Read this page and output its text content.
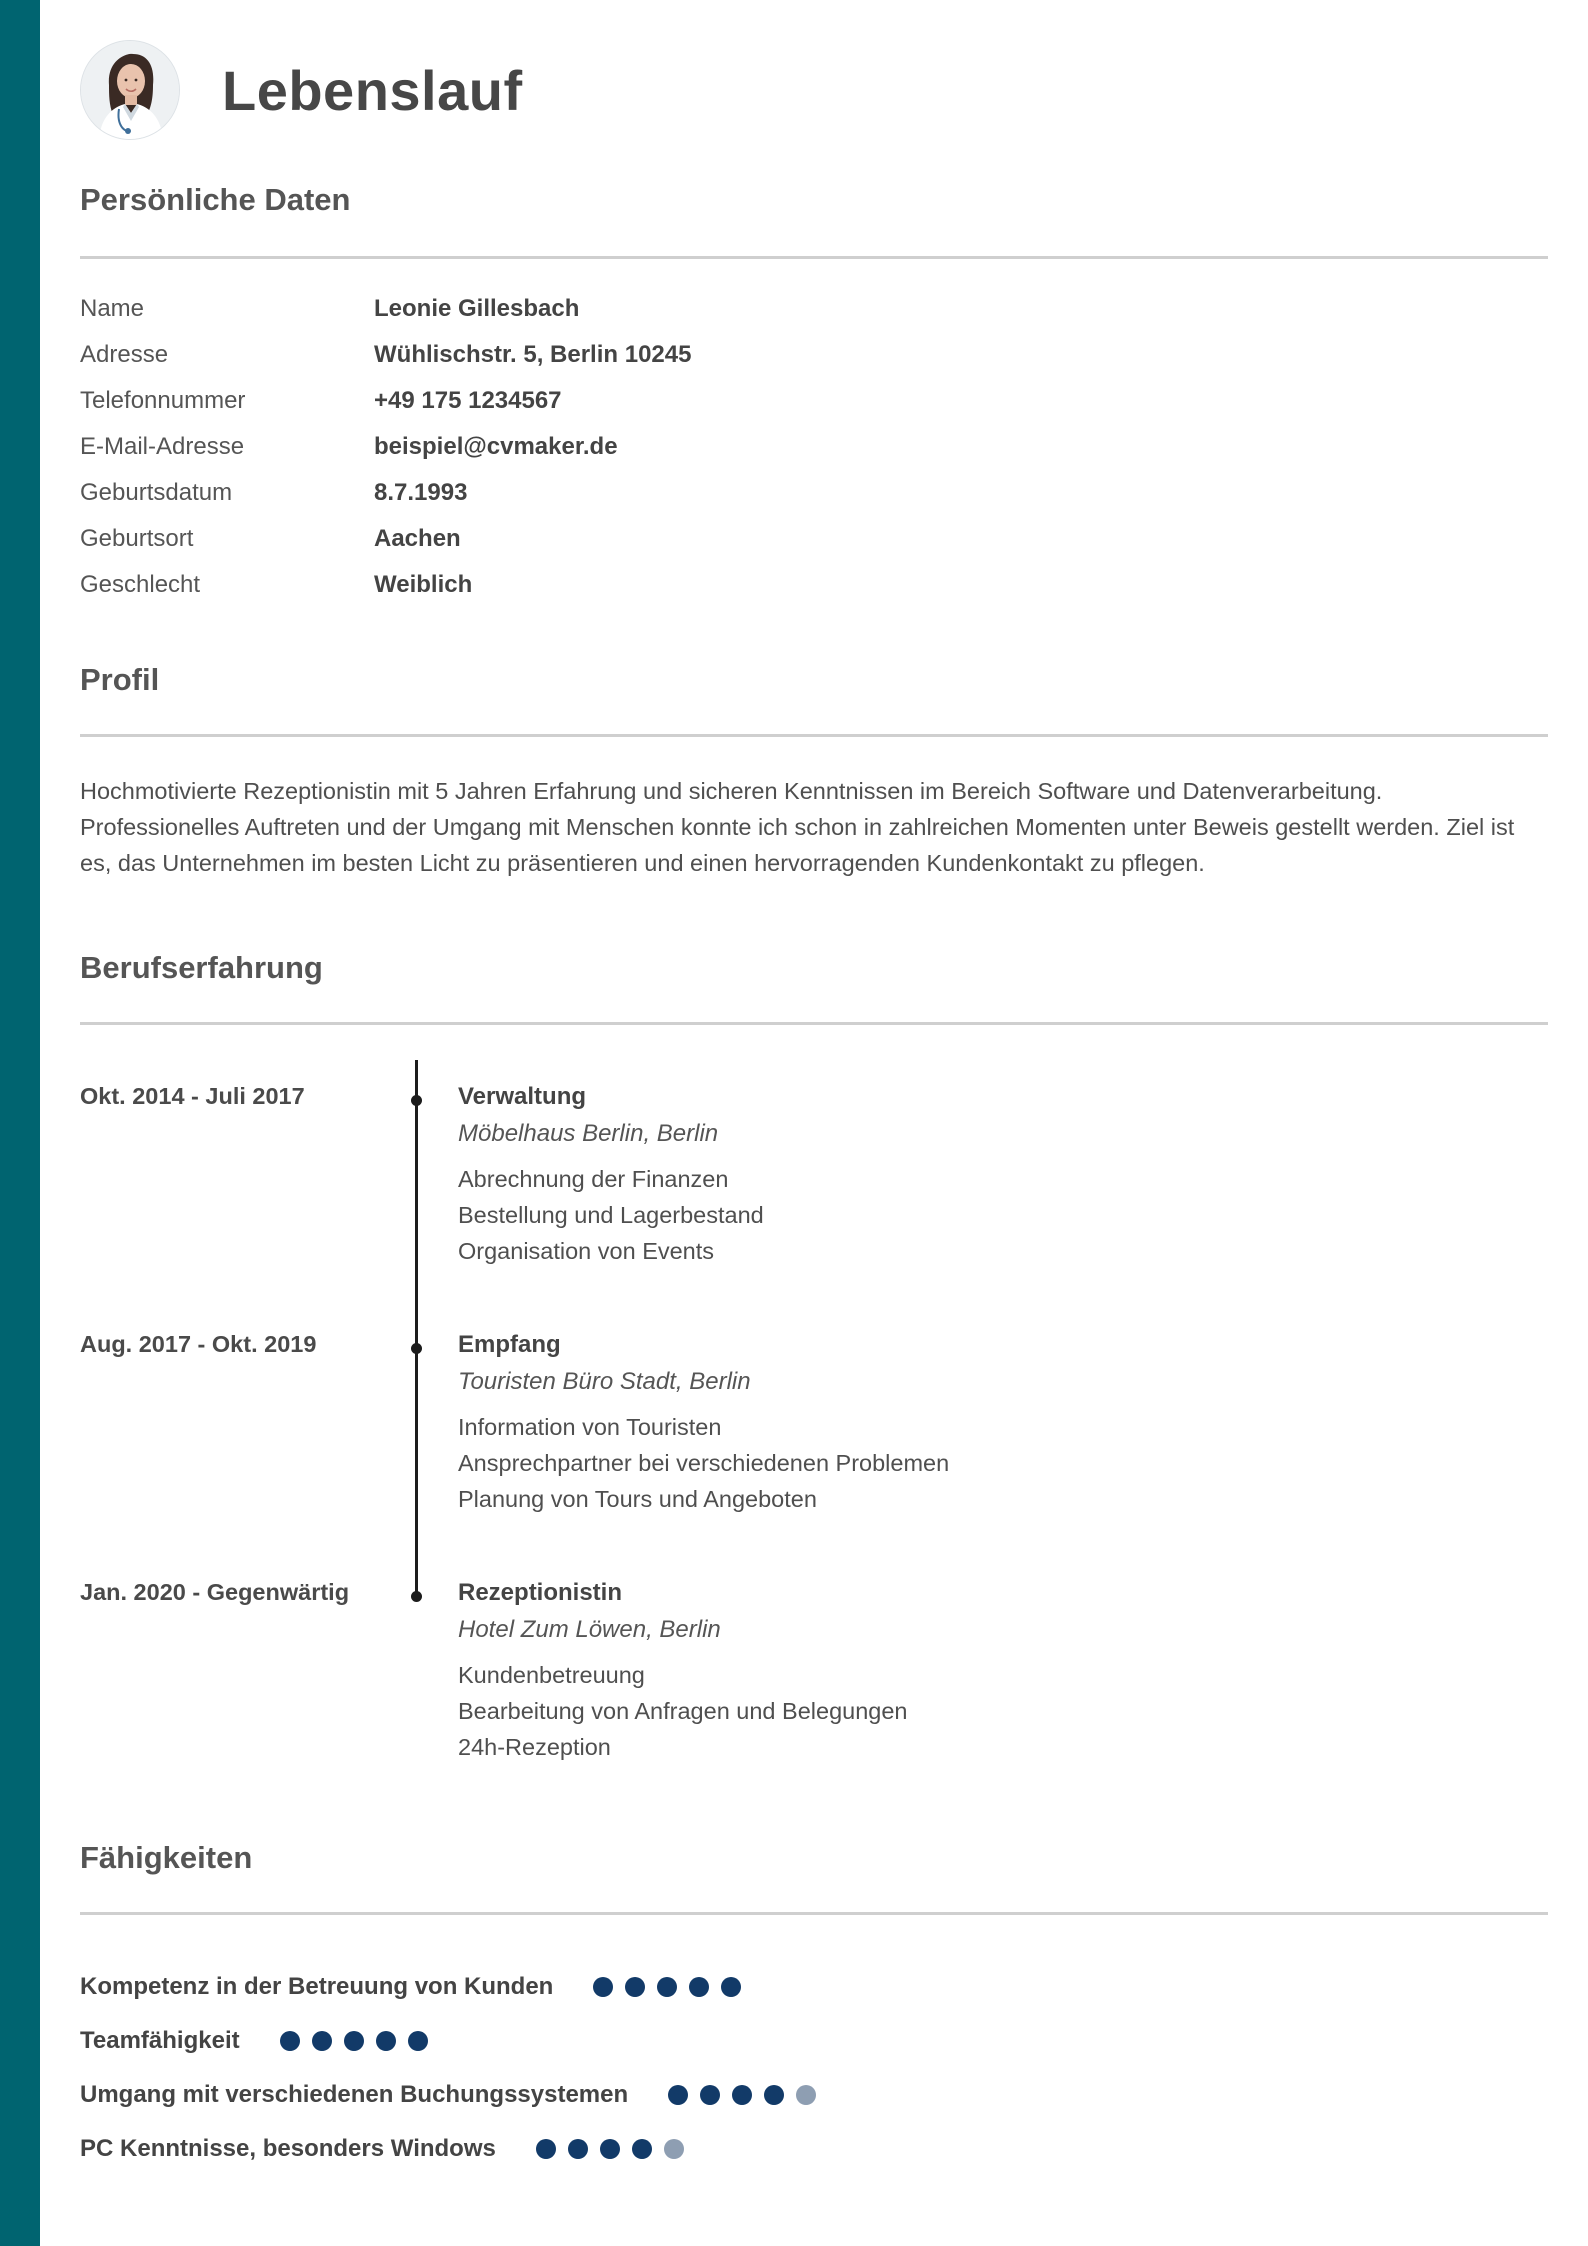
Lebenslauf
Persönliche Daten
Name	Leonie Gillesbach
Adresse	Wühlischstr. 5, Berlin 10245
Telefonnummer	+49 175 1234567
E-Mail-Adresse	beispiel@cvmaker.de
Geburtsdatum	8.7.1993
Geburtsort	Aachen
Geschlecht	Weiblich
Profil

Hochmotivierte Rezeptionistin mit 5 Jahren Erfahrung und sicheren Kenntnissen im Bereich Software und Datenverarbeitung. Professionelles Auftreten und der Umgang mit Menschen konnte ich schon in zahlreichen Momenten unter Beweis gestellt werden. Ziel ist es, das Unternehmen im besten Licht zu präsentieren und einen hervorragenden Kundenkontakt zu pflegen.

Berufserfahrung
Okt. 2014 - Juli 2017	Verwaltung
Möbelhaus Berlin, Berlin
Abrechnung der Finanzen
Bestellung und Lagerbestand
Organisation von Events
Aug. 2017 - Okt. 2019	Empfang
Touristen Büro Stadt, Berlin
Information von Touristen
Ansprechpartner bei verschiedenen Problemen
Planung von Tours und Angeboten
Jan. 2020 - Gegenwärtig	Rezeptionistin
Hotel Zum Löwen, Berlin
Kundenbetreuung
Bearbeitung von Anfragen und Belegungen
24h-Rezeption
Fähigkeiten
Kompetenz in der Betreuung von Kunden
Teamfähigkeit
Umgang mit verschiedenen Buchungssystemen
PC Kenntnisse, besonders Windows
